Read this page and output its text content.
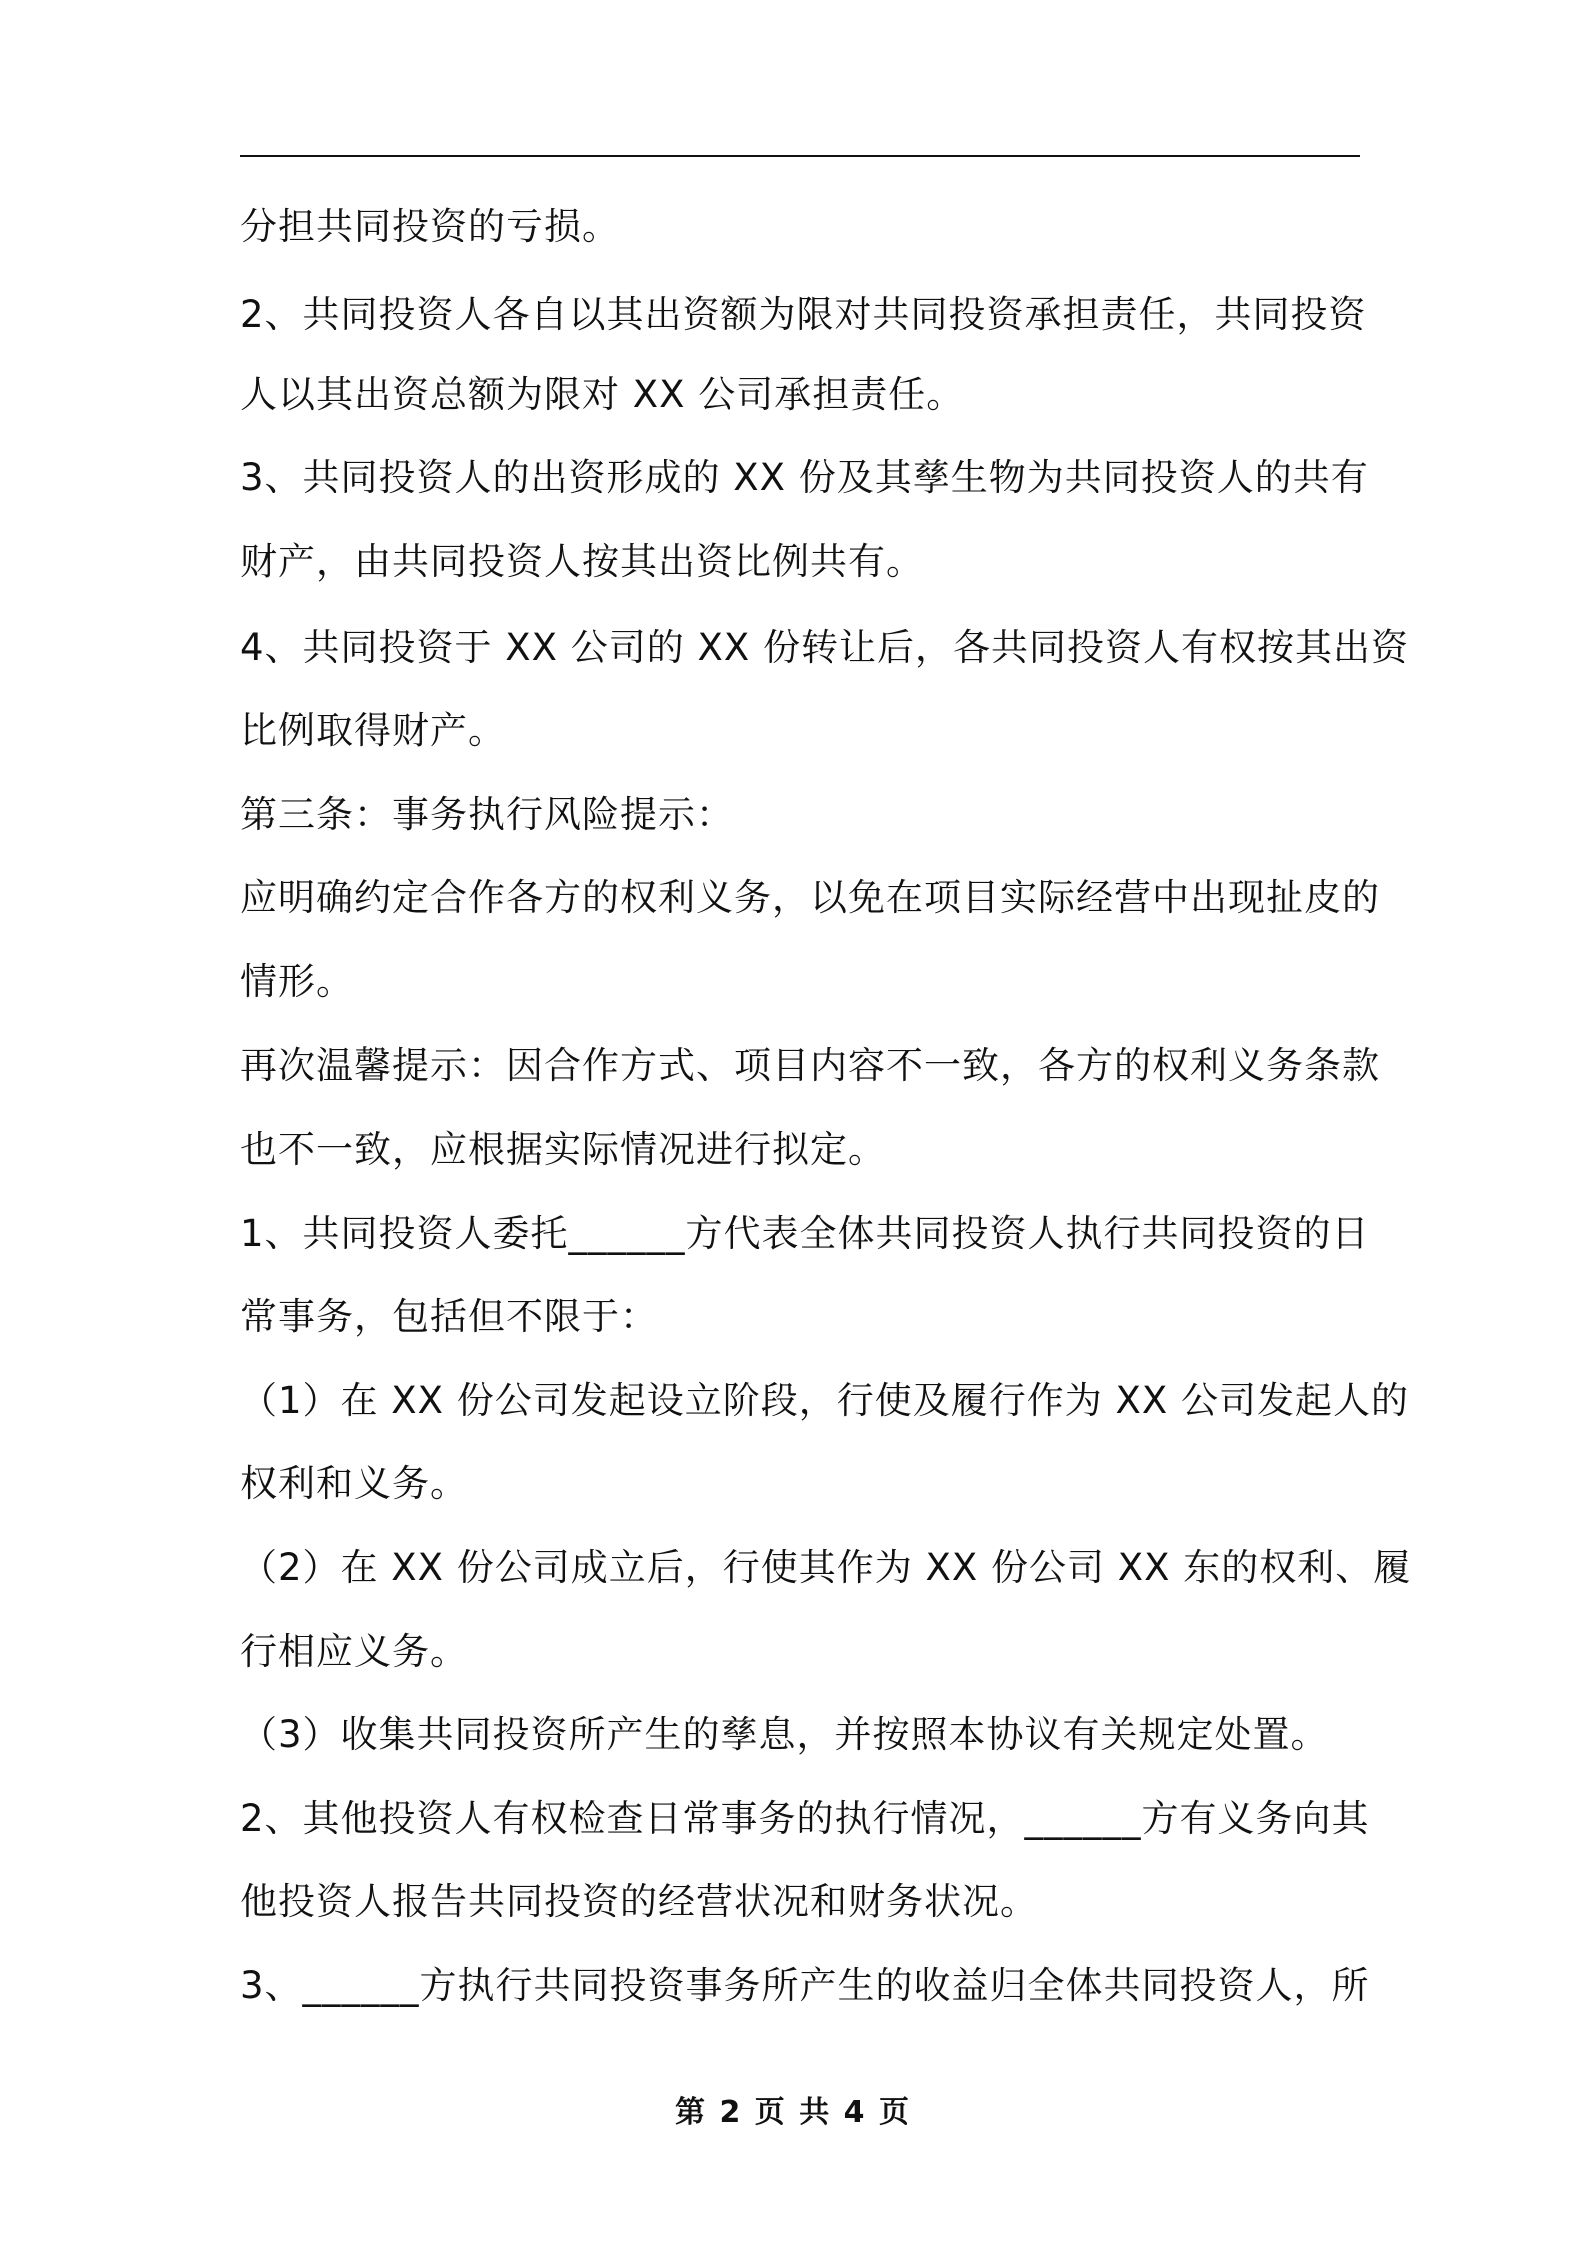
分担共同投资的亏损。
2、共同投资人各自以其出资额为限对共同投资承担责任，共同投资
人以其出资总额为限对 XX 公司承担责任。
3、共同投资人的出资形成的 XX 份及其孳生物为共同投资人的共有
财产，由共同投资人按其出资比例共有。
4、共同投资于 XX 公司的 XX 份转让后，各共同投资人有权按其出资
比例取得财产。
第三条：事务执行风险提示：
应明确约定合作各方的权利义务，以免在项目实际经营中出现扯皮的
情形。
再次温馨提示：因合作方式、项目内容不一致，各方的权利义务条款
也不一致，应根据实际情况进行拟定。
1、共同投资人委托______方代表全体共同投资人执行共同投资的日
常事务，包括但不限于：
（1）在 XX 份公司发起设立阶段，行使及履行作为 XX 公司发起人的
权利和义务。
（2）在 XX 份公司成立后，行使其作为 XX 份公司 XX 东的权利、履
行相应义务。
（3）收集共同投资所产生的孳息，并按照本协议有关规定处置。
2、其他投资人有权检查日常事务的执行情况，______方有义务向其
他投资人报告共同投资的经营状况和财务状况。
3、______方执行共同投资事务所产生的收益归全体共同投资人，所
第 2 页 共 4 页
